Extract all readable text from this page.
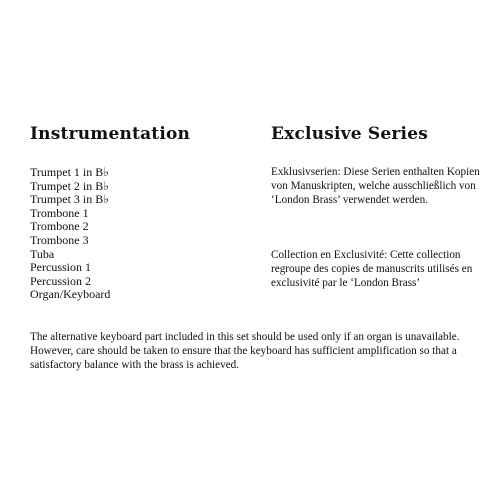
Instrumentation
Trumpet 1 in B♭
Trumpet 2 in B♭
Trumpet 3 in B♭
Trombone 1
Trombone 2
Trombone 3
Tuba
Percussion 1
Percussion 2
Organ/Keyboard
Exclusive Series

Exklusivserien: Diese Serien enthalten Kopien von Manuskripten, welche ausschließlich von ‘London Brass’ verwendet werden.

Collection en Exclusivité: Cette collection regroupe des copies de manuscrits utilisés en exclusivité par le ‘London Brass’

The alternative keyboard part included in this set should be used only if an organ is unavailable. However, care should be taken to ensure that the keyboard has sufficient amplification so that a satisfactory balance with the brass is achieved.
